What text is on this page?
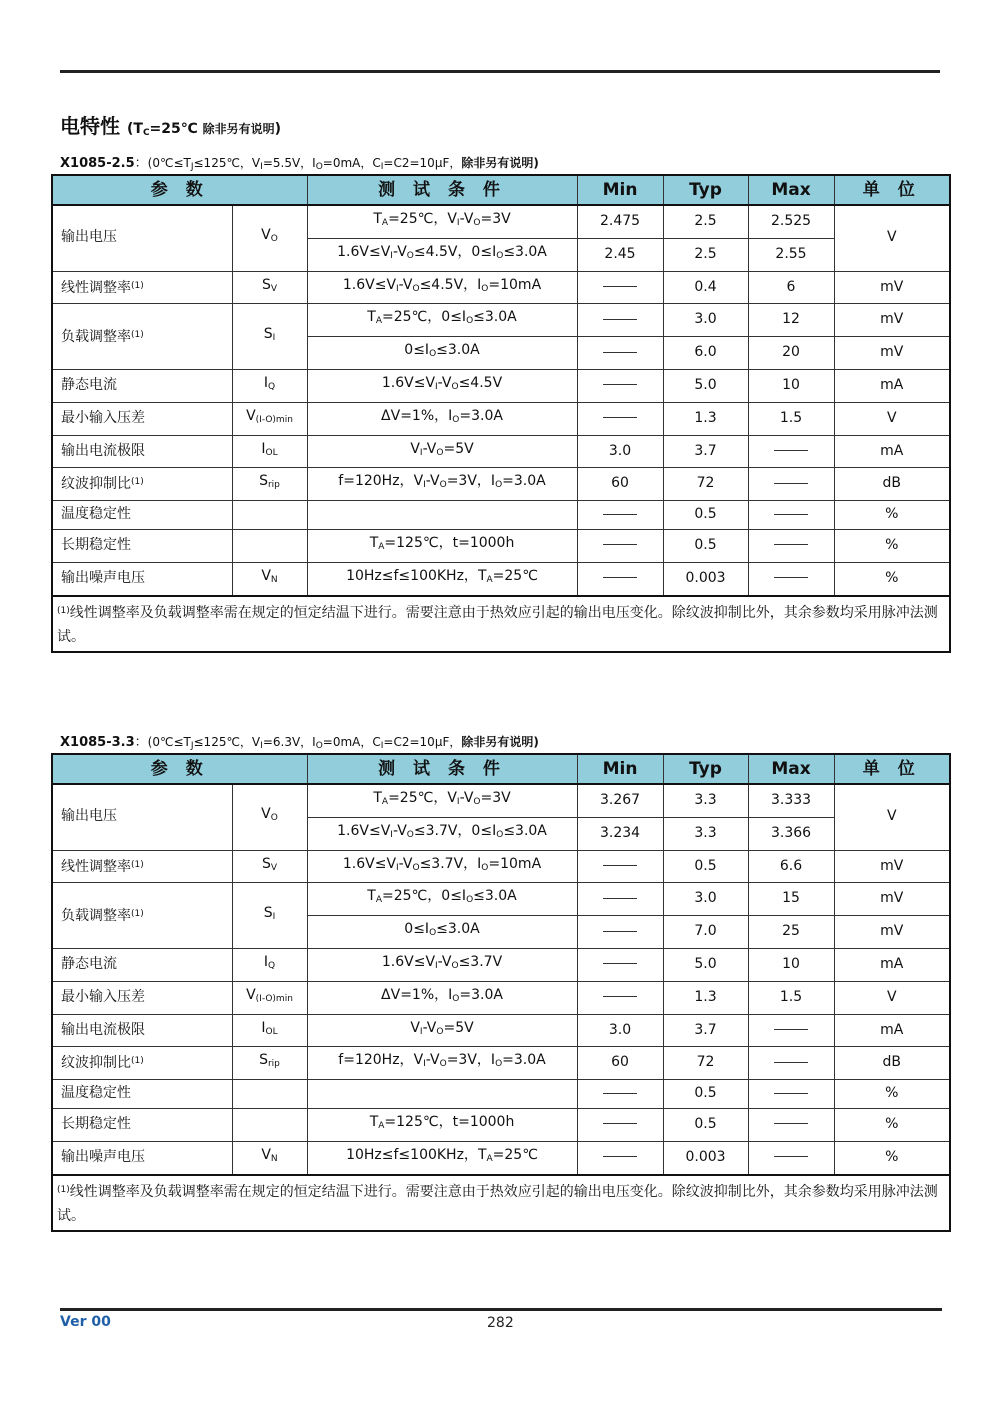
电特性 ($T_C=25℃$ 除非另有说明)
X1085-2.5：($0℃\le T_J\le 125℃$，$V_I=5.5V$，$I_O=0mA$，$C_I=C2=10\mu F$，除非另有说明)
参 数		测 试 条 件	Min	Typ	Max	单 位
输出电压	$V_O$	$T_A=25℃$，$V_I-V_O=3V$	2.475	2.5	2.525	V
		$1.6V\le V_I-V_O\le 4.5V$，$0\le I_O\le 3.0A$	2.45	2.5	2.55	
线性调整率$^{(1)}$	$S_V$	$1.6V\le V_I-V_O\le 4.5V$，$I_O=10mA$		0.4	6	mV
负载调整率$^{(1)}$	$S_I$	$T_A=25℃$，$0\le I_O\le 3.0A$		3.0	12	mV
		$0\le I_O\le 3.0A$		6.0	20	mV
静态电流	$I_Q$	$1.6V\le V_I-V_O\le 4.5V$		5.0	10	mA
最小输入压差	$V_{(I-O)min}$	ΔV=1%，$I_O=3.0A$		1.3	1.5	V
输出电流极限	$I_{OL}$	$V_I-V_O=5V$	3.0	3.7		mA
纹波抑制比$^{(1)}$	$S_{rip}$	f=120Hz，$V_I-V_O=3V$，$I_O=3.0A$	60	72		dB
温度稳定性				0.5		%
长期稳定性		$T_A=125℃$，t=1000h		0.5		%
输出噪声电压	$V_N$	10Hz≤f≤100KHz，$T_A=25℃$		0.003		%
$^{(1)}$线性调整率及负载调整率需在规定的恒定结温下进行。需要注意由于热效应引起的输出电压变化。除纹波抑制比外，其余参数均采用脉冲法测试。						
X1085-3.3：($0℃\le T_J\le 125℃$，$V_I=6.3V$，$I_O=0mA$，$C_I=C2=10\mu F$，除非另有说明)
参 数		测 试 条 件	Min	Typ	Max	单 位
输出电压	$V_O$	$T_A=25℃$，$V_I-V_O=3V$	3.267	3.3	3.333	V
		$1.6V\le V_I-V_O\le 3.7V$，$0\le I_O\le 3.0A$	3.234	3.3	3.366	
线性调整率$^{(1)}$	$S_V$	$1.6V\le V_I-V_O\le 3.7V$，$I_O=10mA$		0.5	6.6	mV
负载调整率$^{(1)}$	$S_I$	$T_A=25℃$，$0\le I_O\le 3.0A$		3.0	15	mV
		$0\le I_O\le 3.0A$		7.0	25	mV
静态电流	$I_Q$	$1.6V\le V_I-V_O\le 3.7V$		5.0	10	mA
最小输入压差	$V_{(I-O)min}$	ΔV=1%，$I_O=3.0A$		1.3	1.5	V
输出电流极限	$I_{OL}$	$V_I-V_O=5V$	3.0	3.7		mA
纹波抑制比$^{(1)}$	$S_{rip}$	f=120Hz，$V_I-V_O=3V$，$I_O=3.0A$	60	72		dB
温度稳定性				0.5		%
长期稳定性		$T_A=125℃$，t=1000h		0.5		%
输出噪声电压	$V_N$	10Hz≤f≤100KHz，$T_A=25℃$		0.003		%
$^{(1)}$线性调整率及负载调整率需在规定的恒定结温下进行。需要注意由于热效应引起的输出电压变化。除纹波抑制比外，其余参数均采用脉冲法测试。						
Ver 00	282
